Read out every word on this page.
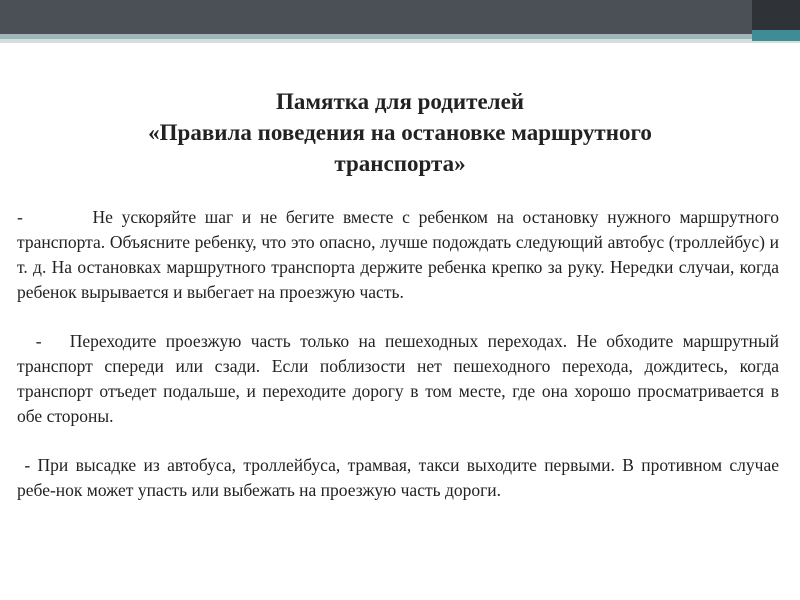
Памятка для родителей
«Правила поведения на остановке маршрутного
транспорта»

-        Не ускоряйте шаг и не бегите вместе с ребенком на остановку нужного маршрутного транспорта. Объясните ребенку, что это опасно, лучше подождать следующий автобус (троллейбус) и т. д. На остановках маршрутного транспорта держите ребенка крепко за руку. Нередки случаи, когда ребенок вырывается и выбегает на проезжую часть.

-   Переходите проезжую часть только на пешеходных переходах. Не обходите маршрутный транспорт спереди или сзади. Если поблизости нет пешеходного перехода, дождитесь, когда транспорт отъедет подальше, и переходите дорогу в том месте, где она хорошо просматривается в обе стороны.

- При высадке из автобуса, троллейбуса, трамвая, такси выходите первыми. В противном случае ребе-нок может упасть или выбежать на проезжую часть дороги.
